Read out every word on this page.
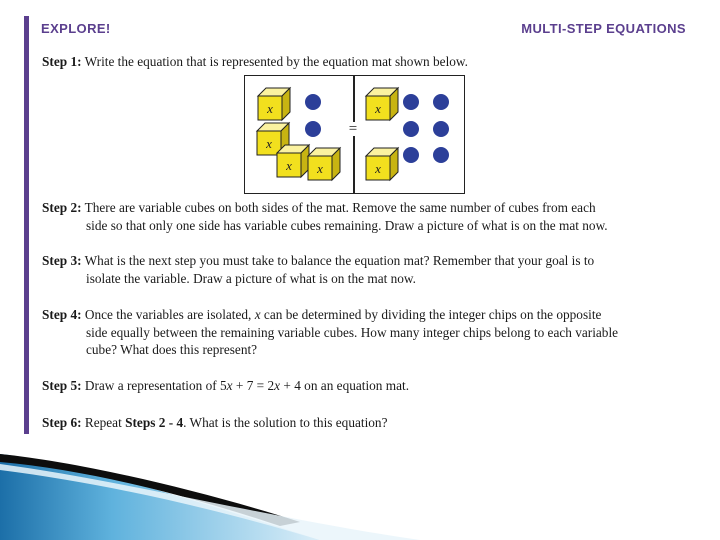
EXPLORE!	MULTI-STEP EQUATIONS
Step 1: Write the equation that is represented by the equation mat shown below.
=
x
x
x x
x
x
Step 2: There are variable cubes on both sides of the mat. Remove the same number of cubes from each
side so that only one side has variable cubes remaining. Draw a picture of what is on the mat now.
Step 3: What is the next step you must take to balance the equation mat? Remember that your goal is to
isolate the variable. Draw a picture of what is on the mat now.
Step 4: Once the variables are isolated, x can be determined by dividing the integer chips on the opposite
side equally between the remaining variable cubes. How many integer chips belong to each variable
cube? What does this represent?
Step 5: Draw a representation of 5x + 7 = 2x + 4 on an equation mat.
Step 6: Repeat Steps 2 - 4. What is the solution to this equation?
